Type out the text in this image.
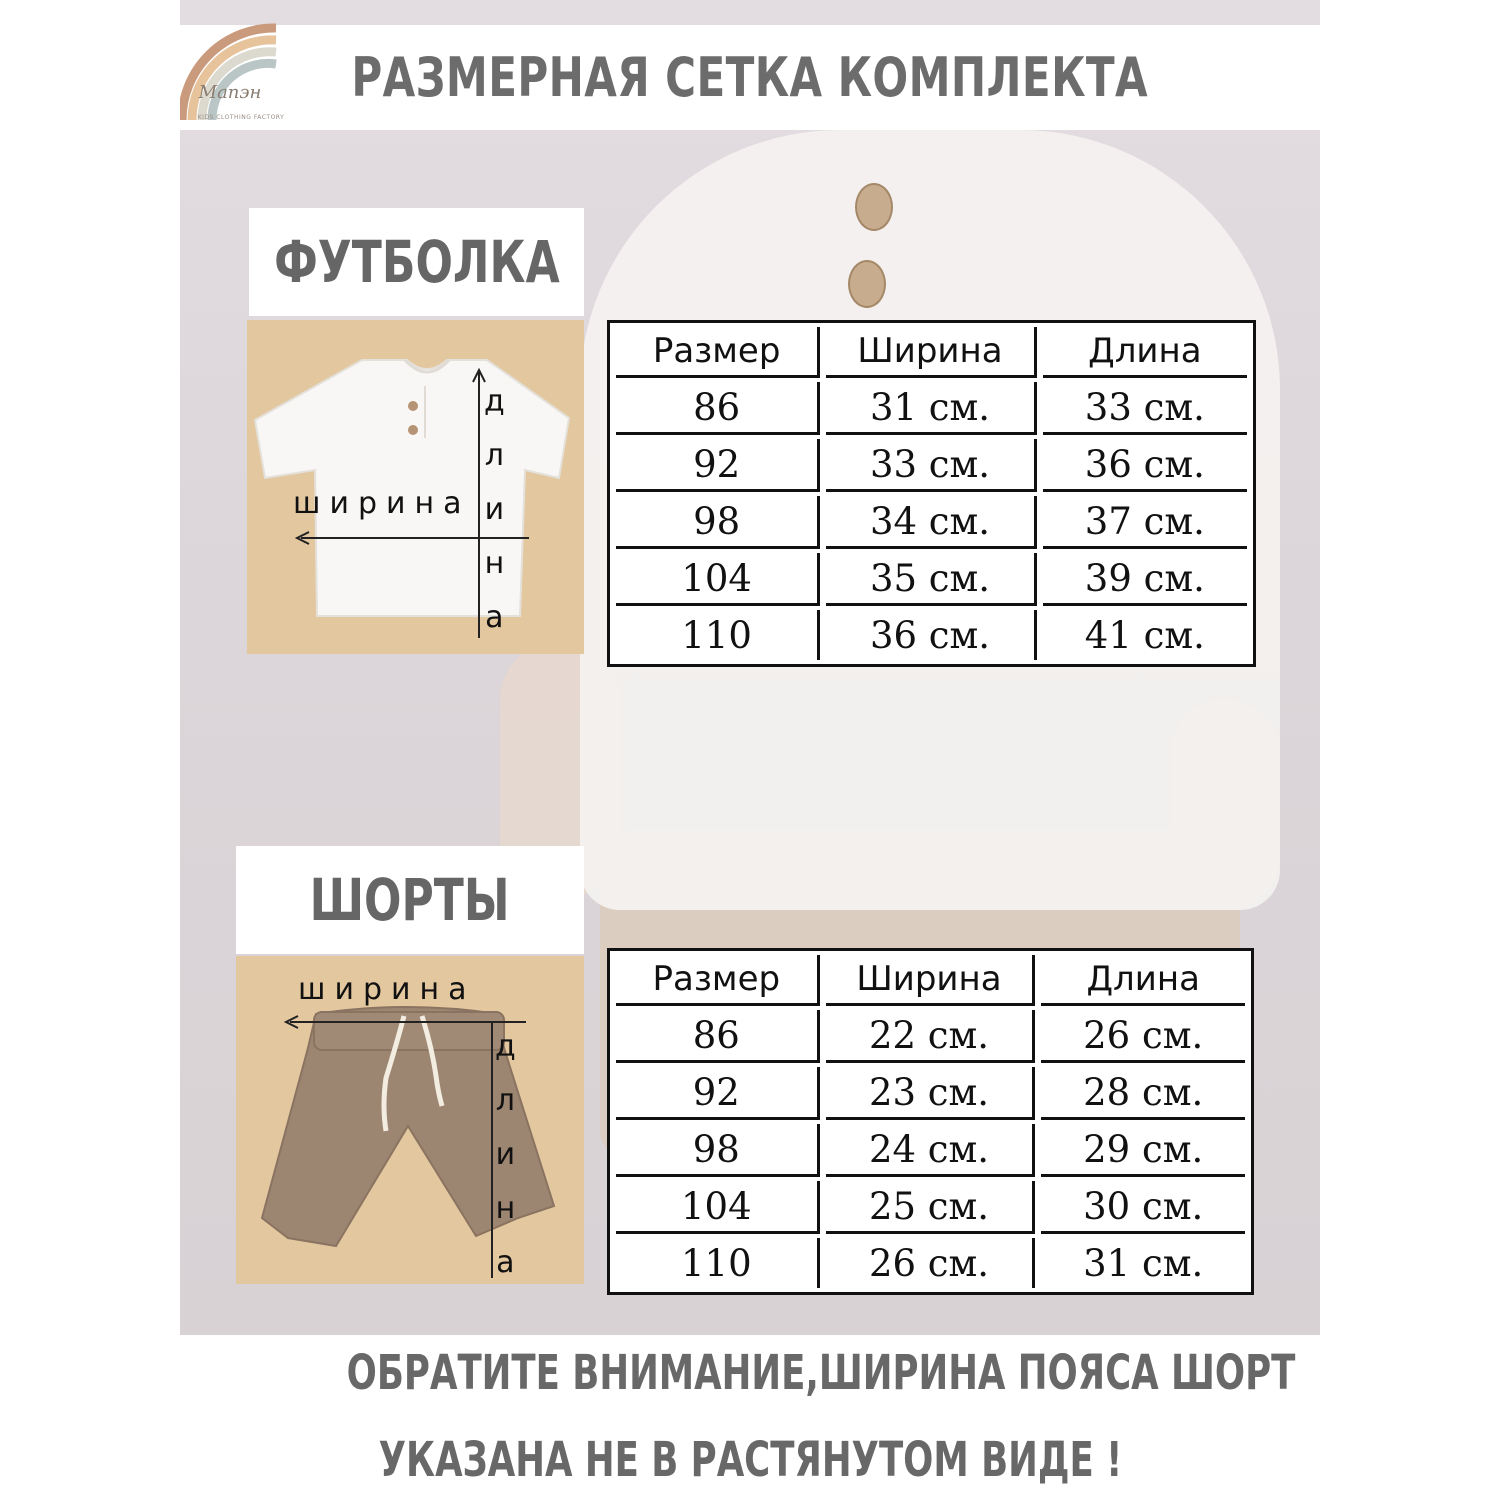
РАЗМЕРНАЯ СЕТКА КОМПЛЕКТА
Мапэн
KIDS CLOTHING FACTORY
ФУТБОЛКА
ширина
д
л
и
н
а
Размер	Ширина	Длина
86	31 см.	33 см.
92	33 см.	36 см.
98	34 см.	37 см.
104	35 см.	39 см.
110	36 см.	41 см.
ШОРТЫ
ширина
д
л
и
н
а
Размер	Ширина	Длина
86	22 см.	26 см.
92	23 см.	28 см.
98	24 см.	29 см.
104	25 см.	30 см.
110	26 см.	31 см.
ОБРАТИТЕ ВНИМАНИЕ,ШИРИНА ПОЯСА ШОРТ
УКАЗАНА НЕ В РАСТЯНУТОМ ВИДЕ !
